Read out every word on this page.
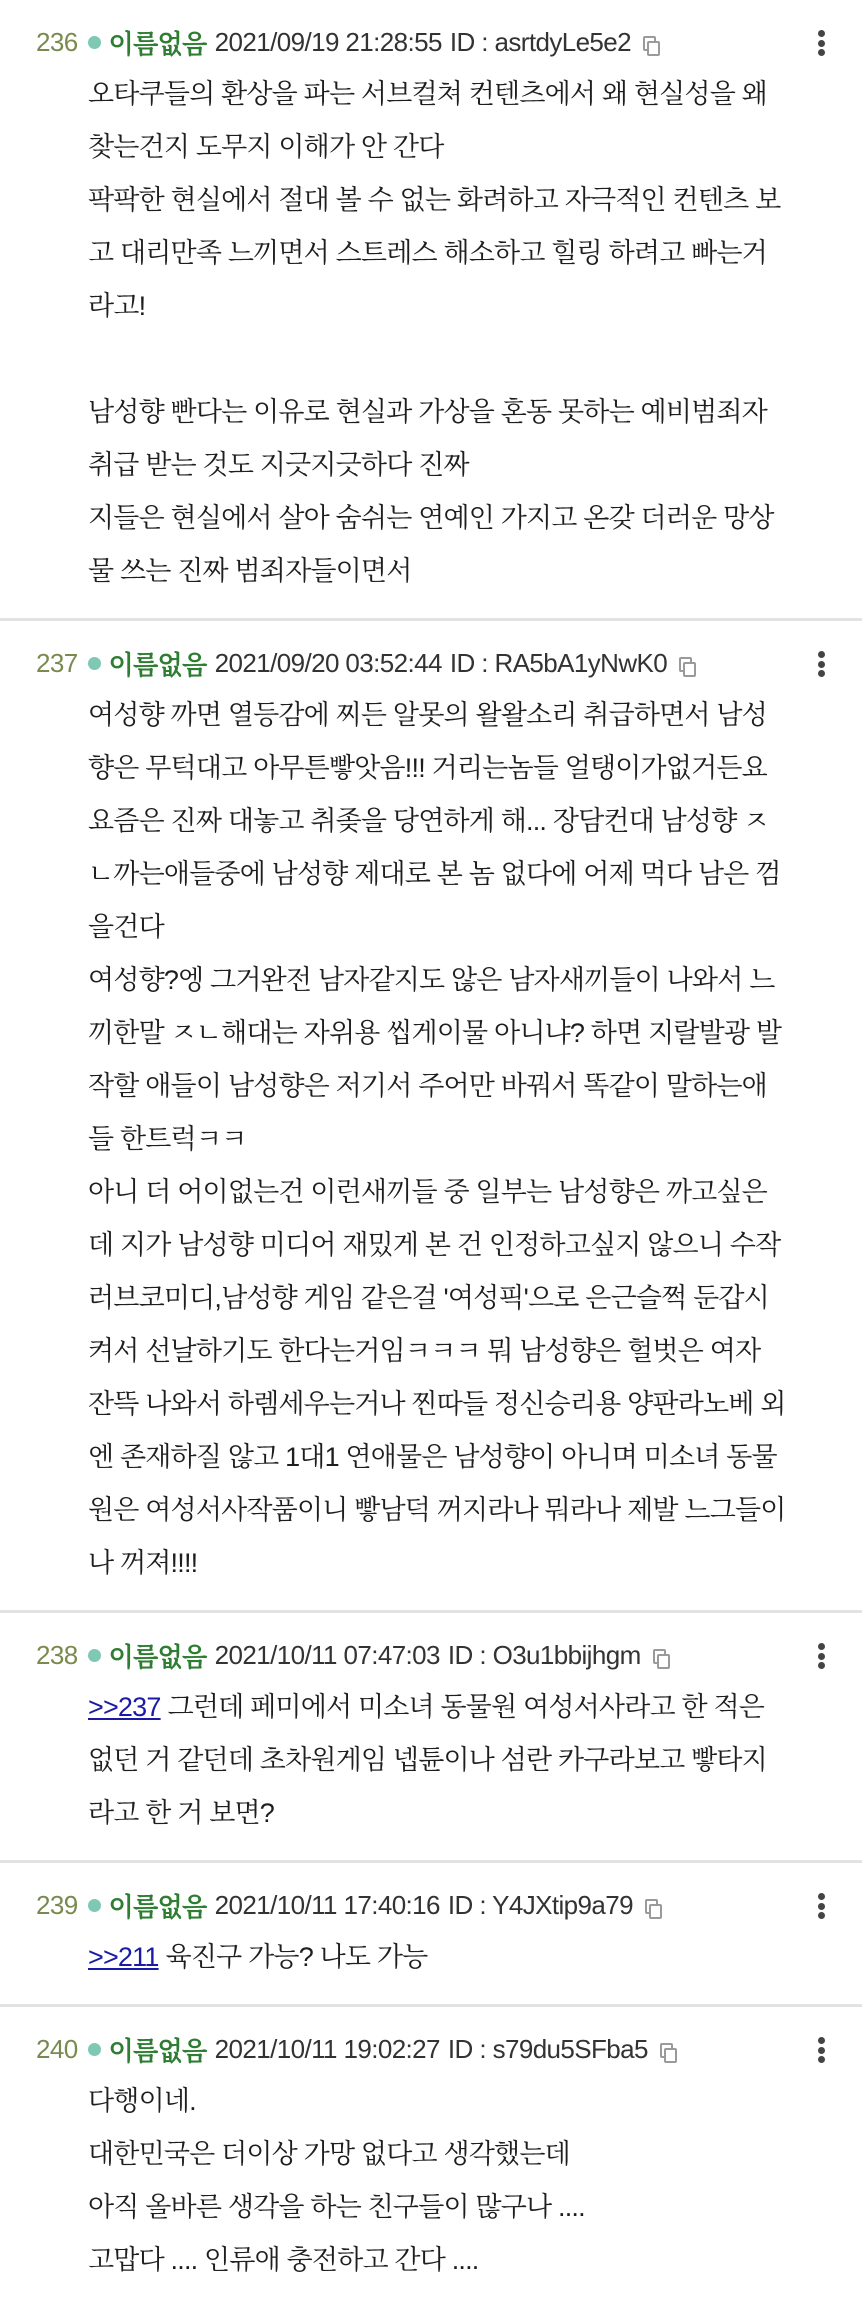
236 이름없음 2021/09/19 21:28:55 ID : asrtdyLe5e2
오타쿠들의 환상을 파는 서브컬쳐 컨텐츠에서 왜 현실성을 왜
찾는건지 도무지 이해가 안 간다
팍팍한 현실에서 절대 볼 수 없는 화려하고 자극적인 컨텐츠 보
고 대리만족 느끼면서 스트레스 해소하고 힐링 하려고 빠는거
라고!
남성향 빤다는 이유로 현실과 가상을 혼동 못하는 예비범죄자
취급 받는 것도 지긋지긋하다 진짜
지들은 현실에서 살아 숨쉬는 연예인 가지고 온갖 더러운 망상
물 쓰는 진짜 범죄자들이면서
237 이름없음 2021/09/20 03:52:44 ID : RA5bA1yNwK0
여성향 까면 열등감에 찌든 알못의 왈왈소리 취급하면서 남성
향은 무턱대고 아무튼빻앗음!!! 거리는놈들 얼탱이가없거든요
요즘은 진짜 대놓고 취좆을 당연하게 해... 장담컨대 남성향 ㅈ
ㄴ까는애들중에 남성향 제대로 본 놈 없다에 어제 먹다 남은 껌
을건다
여성향?엥 그거완전 남자같지도 않은 남자새끼들이 나와서 느
끼한말 ㅈㄴ해대는 자위용 씹게이물 아니냐? 하면 지랄발광 발
작할 애들이 남성향은 저기서 주어만 바꿔서 똑같이 말하는애
들 한트럭ㅋㅋ
아니 더 어이없는건 이런새끼들 중 일부는 남성향은 까고싶은
데 지가 남성향 미디어 재밌게 본 건 인정하고싶지 않으니 수작
러브코미디,남성향 게임 같은걸 '여성픽'으로 은근슬쩍 둔갑시
켜서 선날하기도 한다는거임ㅋㅋㅋ 뭐 남성향은 헐벗은 여자
잔뜩 나와서 하렘세우는거나 찐따들 정신승리용 양판라노베 외
엔 존재하질 않고 1대1 연애물은 남성향이 아니며 미소녀 동물
원은 여성서사작품이니 빻남덕 꺼지라나 뭐라나 제발 느그들이
나 꺼져!!!!
238 이름없음 2021/10/11 07:47:03 ID : O3u1bbijhgm
>>237 그런데 페미에서 미소녀 동물원 여성서사라고 한 적은
없던 거 같던데 초차원게임 넵튠이나 섬란 카구라보고 빻타지
라고 한 거 보면?
239 이름없음 2021/10/11 17:40:16 ID : Y4JXtip9a79
>>211 육진구 가능? 나도 가능
240 이름없음 2021/10/11 19:02:27 ID : s79du5SFba5
다행이네.
대한민국은 더이상 가망 없다고 생각했는데
아직 올바른 생각을 하는 친구들이 많구나 ....
고맙다 .... 인류애 충전하고 간다 ....
